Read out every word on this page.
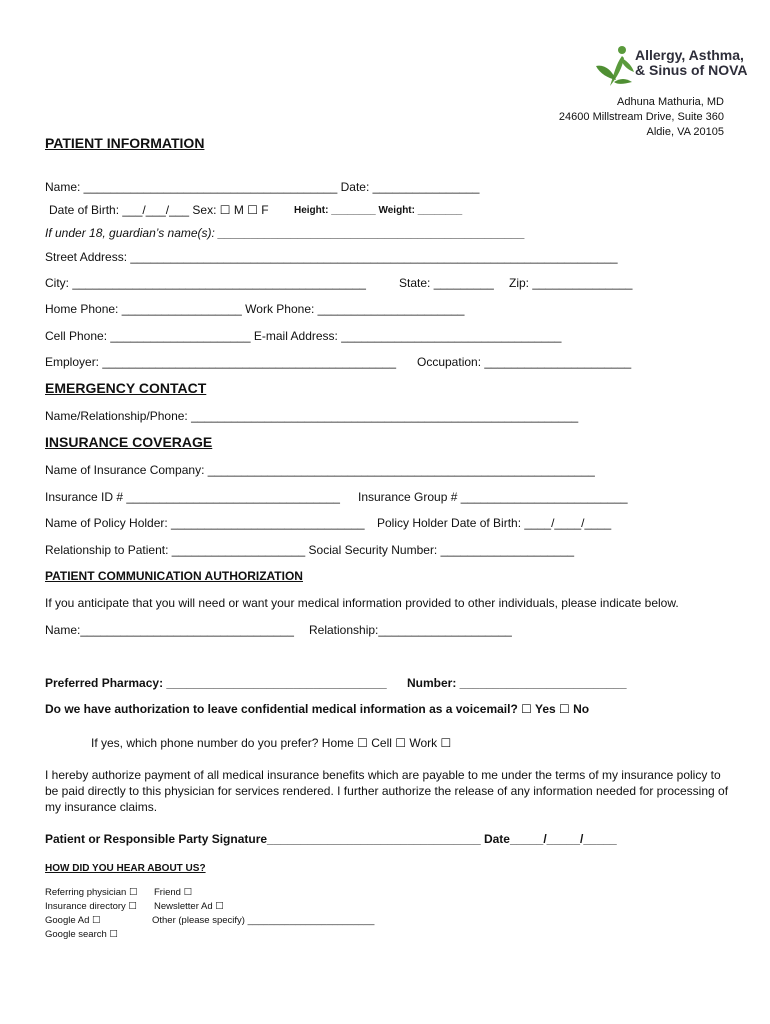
Allergy, Asthma,
& Sinus of NOVA
Adhuna Mathuria, MD
24600 Millstream Drive, Suite 360
Aldie, VA 20105
PATIENT INFORMATION
Name: ______________________________________ Date: ________________
Date of Birth: ___/___/___ Sex: ☐ M ☐ F	Height: ________ Weight: ________
If under 18, guardian’s name(s): ______________________________________________
Street Address: _________________________________________________________________________
City: ____________________________________________	State: _________ Zip: _______________
Home Phone: __________________ Work Phone: ______________________
Cell Phone: _____________________ E-mail Address: _________________________________
Employer: ____________________________________________ Occupation: ______________________
EMERGENCY CONTACT
Name/Relationship/Phone: __________________________________________________________
INSURANCE COVERAGE
Name of Insurance Company: __________________________________________________________
Insurance ID # ________________________________ Insurance Group # _________________________
Name of Policy Holder: _____________________________ Policy Holder Date of Birth: ____/____/____
Relationship to Patient: ____________________ Social Security Number: ____________________
PATIENT COMMUNICATION AUTHORIZATION
If you anticipate that you will need or want your medical information provided to other individuals, please indicate below.
Name:________________________________ Relationship:____________________
Preferred Pharmacy: _________________________________ Number: _________________________
Do we have authorization to leave confidential medical information as a voicemail? ☐ Yes ☐ No
If yes, which phone number do you prefer? Home ☐ Cell ☐ Work ☐
I hereby authorize payment of all medical insurance benefits which are payable to me under the terms of my insurance policy to be paid directly to this physician for services rendered. I further authorize the release of any information needed for processing of my insurance claims.
Patient or Responsible Party Signature________________________________ Date_____/_____/_____
HOW DID YOU HEAR ABOUT US?
Referring physician ☐
Insurance directory ☐
Google Ad ☐
Google search ☐
Friend ☐
Newsletter Ad ☐
Other (please specify) ________________________
